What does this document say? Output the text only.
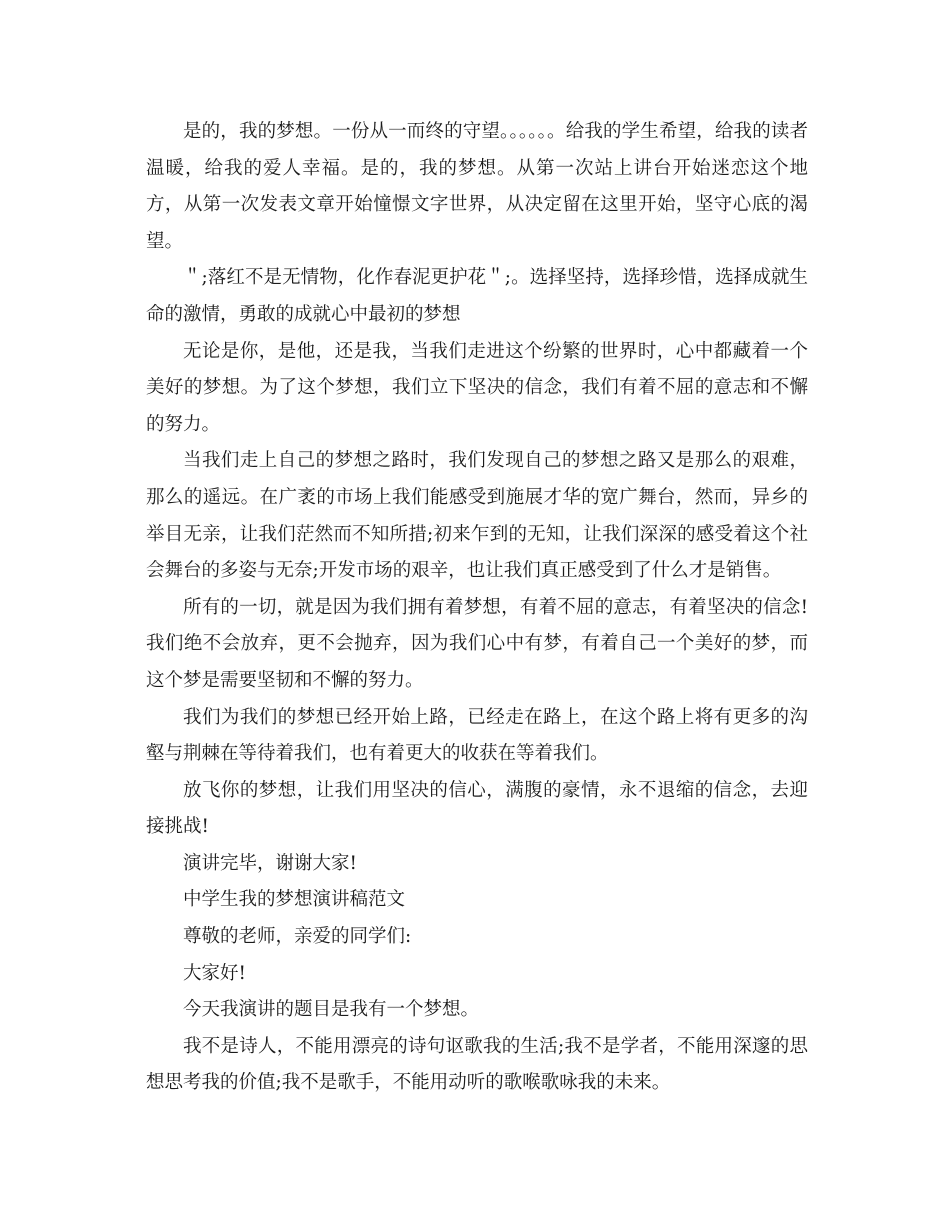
是的，我的梦想。一份从一而终的守望。。。。。。给我的学生希望，给我的读者温暖，给我的爱人幸福。是的，我的梦想。从第一次站上讲台开始迷恋这个地方，从第一次发表文章开始憧憬文字世界，从决定留在这里开始，坚守心底的渴望。

＂;落红不是无情物，化作春泥更护花＂;。选择坚持，选择珍惜，选择成就生命的激情，勇敢的成就心中最初的梦想

无论是你，是他，还是我，当我们走进这个纷繁的世界时，心中都藏着一个美好的梦想。为了这个梦想，我们立下坚决的信念，我们有着不屈的意志和不懈的努力。

当我们走上自己的梦想之路时，我们发现自己的梦想之路又是那么的艰难，那么的遥远。在广袤的市场上我们能感受到施展才华的宽广舞台，然而，异乡的举目无亲，让我们茫然而不知所措;初来乍到的无知，让我们深深的感受着这个社会舞台的多姿与无奈;开发市场的艰辛，也让我们真正感受到了什么才是销售。

所有的一切，就是因为我们拥有着梦想，有着不屈的意志，有着坚决的信念!我们绝不会放弃，更不会抛弃，因为我们心中有梦，有着自己一个美好的梦，而这个梦是需要坚韧和不懈的努力。

我们为我们的梦想已经开始上路，已经走在路上，在这个路上将有更多的沟壑与荆棘在等待着我们，也有着更大的收获在等着我们。

放飞你的梦想，让我们用坚决的信心，满腹的豪情，永不退缩的信念，去迎接挑战!

演讲完毕，谢谢大家!

中学生我的梦想演讲稿范文

尊敬的老师，亲爱的同学们:

大家好!

今天我演讲的题目是我有一个梦想。

我不是诗人，不能用漂亮的诗句讴歌我的生活;我不是学者，不能用深邃的思想思考我的价值;我不是歌手，不能用动听的歌喉歌咏我的未来。
